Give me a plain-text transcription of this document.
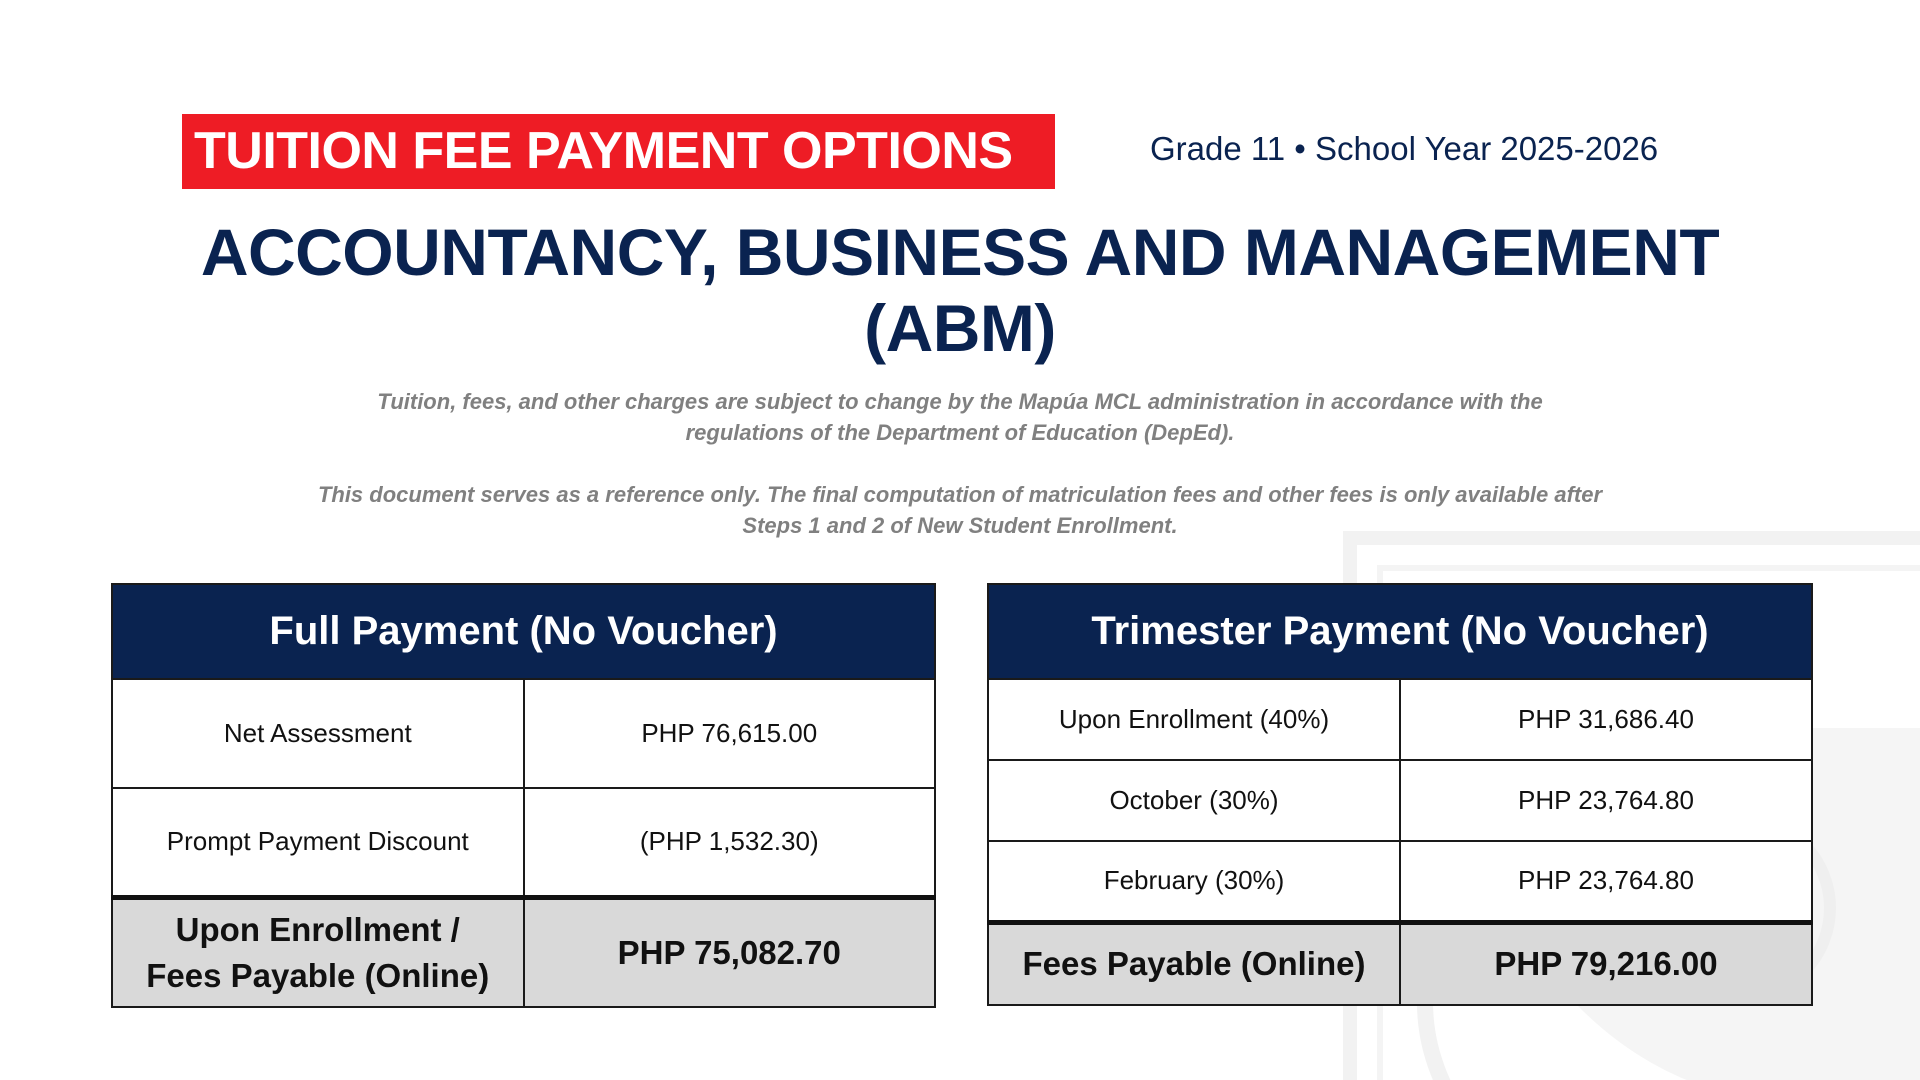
TUITION FEE PAYMENT OPTIONS	Grade 11 • School Year 2025-2026
ACCOUNTANCY, BUSINESS AND MANAGEMENT
(ABM)
Tuition, fees, and other charges are subject to change by the Mapúa MCL administration in accordance with the
regulations of the Department of Education (DepEd).
This document serves as a reference only. The final computation of matriculation fees and other fees is only available after
Steps 1 and 2 of New Student Enrollment.
Full Payment (No Voucher)	
Net Assessment	PHP 76,615.00
Prompt Payment Discount	(PHP 1,532.30)

Upon Enrollment /
Fees Payable (Online)	PHP 75,082.70
Trimester Payment (No Voucher)	
Upon Enrollment (40%)	PHP 31,686.40
October (30%)	PHP 23,764.80
February (30%)	PHP 23,764.80
Fees Payable (Online)	PHP 79,216.00
